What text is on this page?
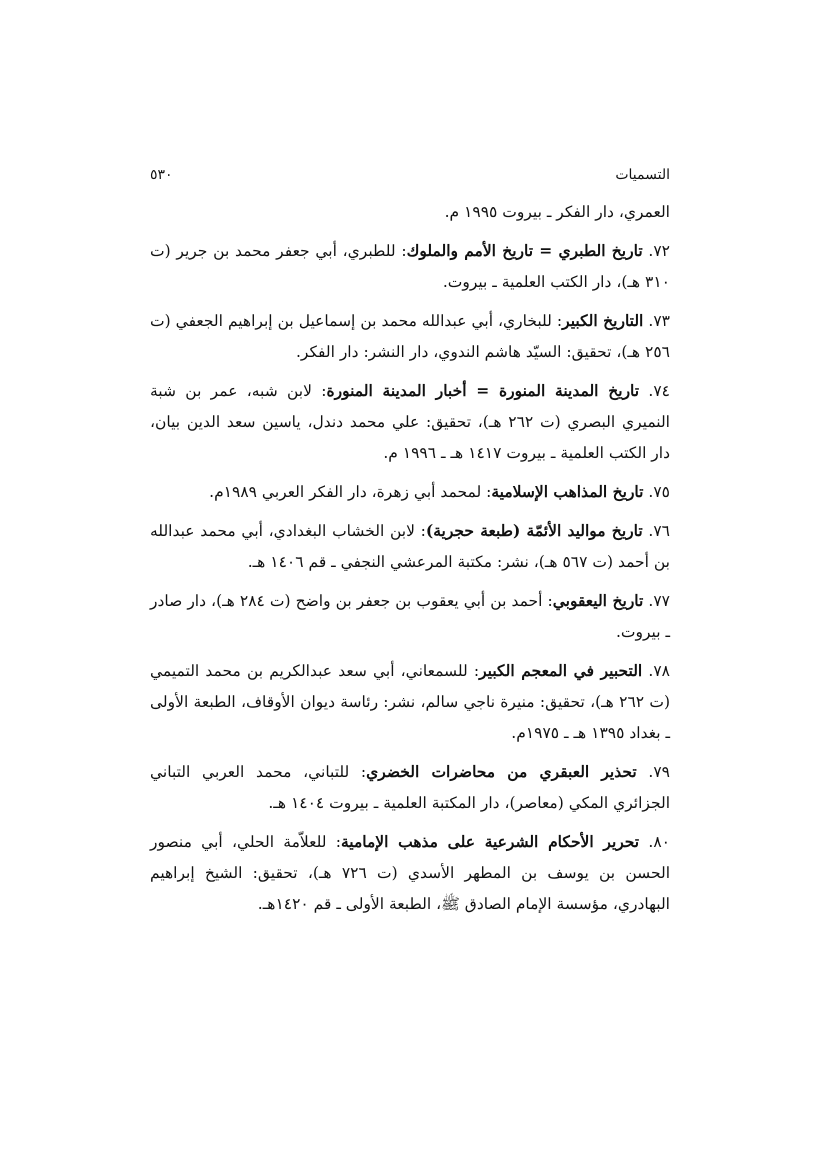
التسميات
٥٣٠

العمري، دار الفكر ـ بيروت ١٩٩٥ م.

٧٢. تاريخ الطبري = تاريخ الأمم والملوك: للطبري، أبي جعفر محمد بن جرير (ت ٣١٠ هـ)، دار الكتب العلمية ـ بيروت.

٧٣. التاريخ الكبير: للبخاري، أبي عبدالله محمد بن إسماعيل بن إبراهيم الجعفي (ت ٢٥٦ هـ)، تحقيق: السيّد هاشم الندوي، دار النشر: دار الفكر.

٧٤. تاريخ المدينة المنورة = أخبار المدينة المنورة: لابن شبه، عمر بن شبة النميري البصري (ت ٢٦٢ هـ)، تحقيق: علي محمد دندل، ياسين سعد الدين بيان، دار الكتب العلمية ـ بيروت ١٤١٧ هـ ـ ١٩٩٦ م.

٧٥. تاريخ المذاهب الإسلامية: لمحمد أبي زهرة، دار الفكر العربي ١٩٨٩م.

٧٦. تاريخ مواليد الأئمّة (طبعة حجرية): لابن الخشاب البغدادي، أبي محمد عبدالله بن أحمد (ت ٥٦٧ هـ)، نشر: مكتبة المرعشي النجفي ـ قم ١٤٠٦ هـ.

٧٧. تاريخ اليعقوبي: أحمد بن أبي يعقوب بن جعفر بن واضح (ت ٢٨٤ هـ)، دار صادر ـ بيروت.

٧٨. التحبير في المعجم الكبير: للسمعاني، أبي سعد عبدالكريم بن محمد التميمي (ت ٢٦٢ هـ)، تحقيق: منيرة ناجي سالم، نشر: رئاسة ديوان الأوقاف، الطبعة الأولى ـ بغداد ١٣٩٥ هـ ـ ١٩٧٥م.

٧٩. تحذير العبقري من محاضرات الخضري: للتباني، محمد العربي التباني الجزائري المكي (معاصر)، دار المكتبة العلمية ـ بيروت ١٤٠٤ هـ.

٨٠. تحرير الأحكام الشرعية على مذهب الإمامية: للعلاّمة الحلي، أبي منصور الحسن بن يوسف بن المطهر الأسدي (ت ٧٢٦ هـ)، تحقيق: الشيخ إبراهيم البهادري، مؤسسة الإمام الصادق ﷺ، الطبعة الأولى ـ قم ١٤٢٠هـ.
